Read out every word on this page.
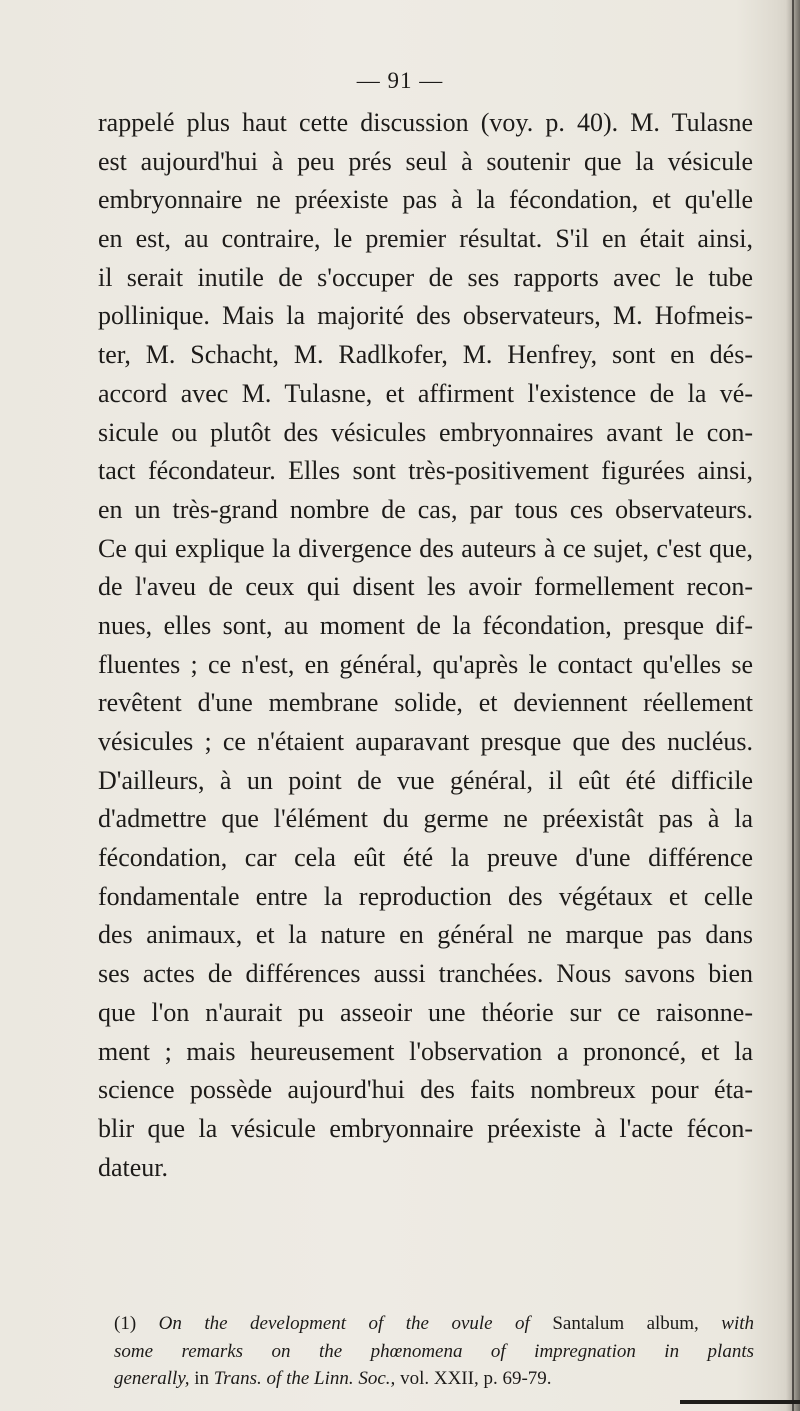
— 91 —
rappelé plus haut cette discussion (voy. p. 40). M. Tulasne
est aujourd'hui à peu prés seul à soutenir que la vésicule
embryonnaire ne préexiste pas à la fécondation, et qu'elle
en est, au contraire, le premier résultat. S'il en était ainsi,
il serait inutile de s'occuper de ses rapports avec le tube
pollinique. Mais la majorité des observateurs, M. Hofmeis-
ter, M. Schacht, M. Radlkofer, M. Henfrey, sont en dés-
accord avec M. Tulasne, et affirment l'existence de la vé-
sicule ou plutôt des vésicules embryonnaires avant le con-
tact fécondateur. Elles sont très-positivement figurées ainsi,
en un très-grand nombre de cas, par tous ces observateurs.
Ce qui explique la divergence des auteurs à ce sujet, c'est que,
de l'aveu de ceux qui disent les avoir formellement recon-
nues, elles sont, au moment de la fécondation, presque dif-
fluentes ; ce n'est, en général, qu'après le contact qu'elles se
revêtent d'une membrane solide, et deviennent réellement
vésicules ; ce n'étaient auparavant presque que des nucléus.
D'ailleurs, à un point de vue général, il eût été difficile
d'admettre que l'élément du germe ne préexistât pas à la
fécondation, car cela eût été la preuve d'une différence
fondamentale entre la reproduction des végétaux et celle
des animaux, et la nature en général ne marque pas dans
ses actes de différences aussi tranchées. Nous savons bien
que l'on n'aurait pu asseoir une théorie sur ce raisonne-
ment ; mais heureusement l'observation a prononcé, et la
science possède aujourd'hui des faits nombreux pour éta-
blir que la vésicule embryonnaire préexiste à l'acte fécon-
dateur.
(1) On the development of the ovule of Santalum album, with
some remarks on the phœnomena of impregnation in plants
generally, in Trans. of the Linn. Soc., vol. XXII, p. 69-79.
